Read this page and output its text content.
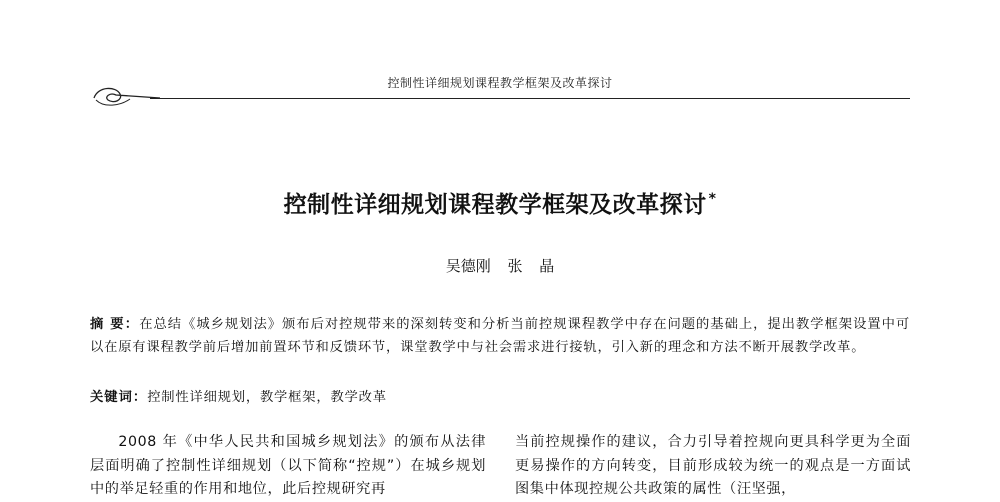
控制性详细规划课程教学框架及改革探讨
控制性详细规划课程教学框架及改革探讨 *
吴德刚 张 晶
摘 要：在总结《城乡规划法》颁布后对控规带来的深刻转变和分析当前控规课程教学中存在问题的基础上，提出教学框架设置中可以在原有课程教学前后增加前置环节和反馈环节，课堂教学中与社会需求进行接轨，引入新的理念和方法不断开展教学改革。
关键词：控制性详细规划，教学框架，教学改革
2008 年《中华人民共和国城乡规划法》的颁布从法律层面明确了控制性详细规划（以下简称“控规”）在城乡规划中的举足轻重的作用和地位，此后控规研究再
当前控规操作的建议，合力引导着控规向更具科学更为全面更易操作的方向转变，目前形成较为统一的观点是一方面试图集中体现控规公共政策的属性（汪坚强，
